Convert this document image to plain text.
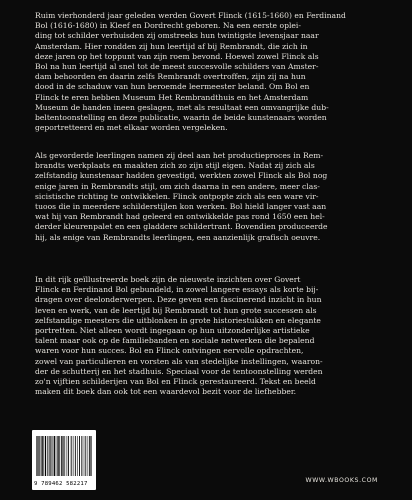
Ruim vierhonderd jaar geleden werden Govert Flinck (1615-1660) en Ferdinand
Bol (1616-1680) in Kleef en Dordrecht geboren. Na een eerste oplei-
ding tot schilder verhuisden zij omstreeks hun twintigste levensjaar naar
Amsterdam. Hier rondden zij hun leertijd af bij Rembrandt, die zich in
deze jaren op het toppunt van zijn roem bevond. Hoewel zowel Flinck als
Bol na hun leertijd al snel tot de meest succesvolle schilders van Amster-
dam behoorden en daarin zelfs Rembrandt overtroffen, zijn zij na hun
dood in de schaduw van hun beroemde leermeester beland. Om Bol en
Flinck te eren hebben Museum Het Rembrandthuis en het Amsterdam
Museum de handen ineen geslagen, met als resultaat een omvangrijke dub-
beltentoonstelling en deze publicatie, waarin de beide kunstenaars worden
geportretteerd en met elkaar worden vergeleken.
Als gevorderde leerlingen namen zij deel aan het productieproces in Rem-
brandts werkplaats en maakten zich zo zijn stijl eigen. Nadat zij zich als
zelfstandig kunstenaar hadden gevestigd, werkten zowel Flinck als Bol nog
enige jaren in Rembrandts stijl, om zich daarna in een andere, meer clas-
sicistische richting te ontwikkelen. Flinck ontpopte zich als een ware vir-
tuoos die in meerdere schilderstijlen kon werken. Bol hield langer vast aan
wat hij van Rembrandt had geleerd en ontwikkelde pas rond 1650 een hel-
derder kleurenpalet en een gladdere schildertrant. Bovendien produceerde
hij, als enige van Rembrandts leerlingen, een aanzienlijk grafisch oeuvre.
In dit rijk geïllustreerde boek zijn de nieuwste inzichten over Govert
Flinck en Ferdinand Bol gebundeld, in zowel langere essays als korte bij-
dragen over deelonderwerpen. Deze geven een fascinerend inzicht in hun
leven en werk, van de leertijd bij Rembrandt tot hun grote successen als
zelfstandige meesters die uitblonken in grote historiestukken en elegante
portretten. Niet alleen wordt ingegaan op hun uitzonderlijke artistieke
talent maar ook op de familiebanden en sociale netwerken die bepalend
waren voor hun succes. Bol en Flinck ontvingen eervolle opdrachten,
zowel van particulieren en vorsten als van stedelijke instellingen, waaron-
der de schutterij en het stadhuis. Speciaal voor de tentoonstelling werden
zo'n vijftien schilderijen van Bol en Flinck gerestaureerd. Tekst en beeld
maken dit boek dan ook tot een waardevol bezit voor de liefhebber.
9 789462 582217	WWW.WBOOKS.COM
